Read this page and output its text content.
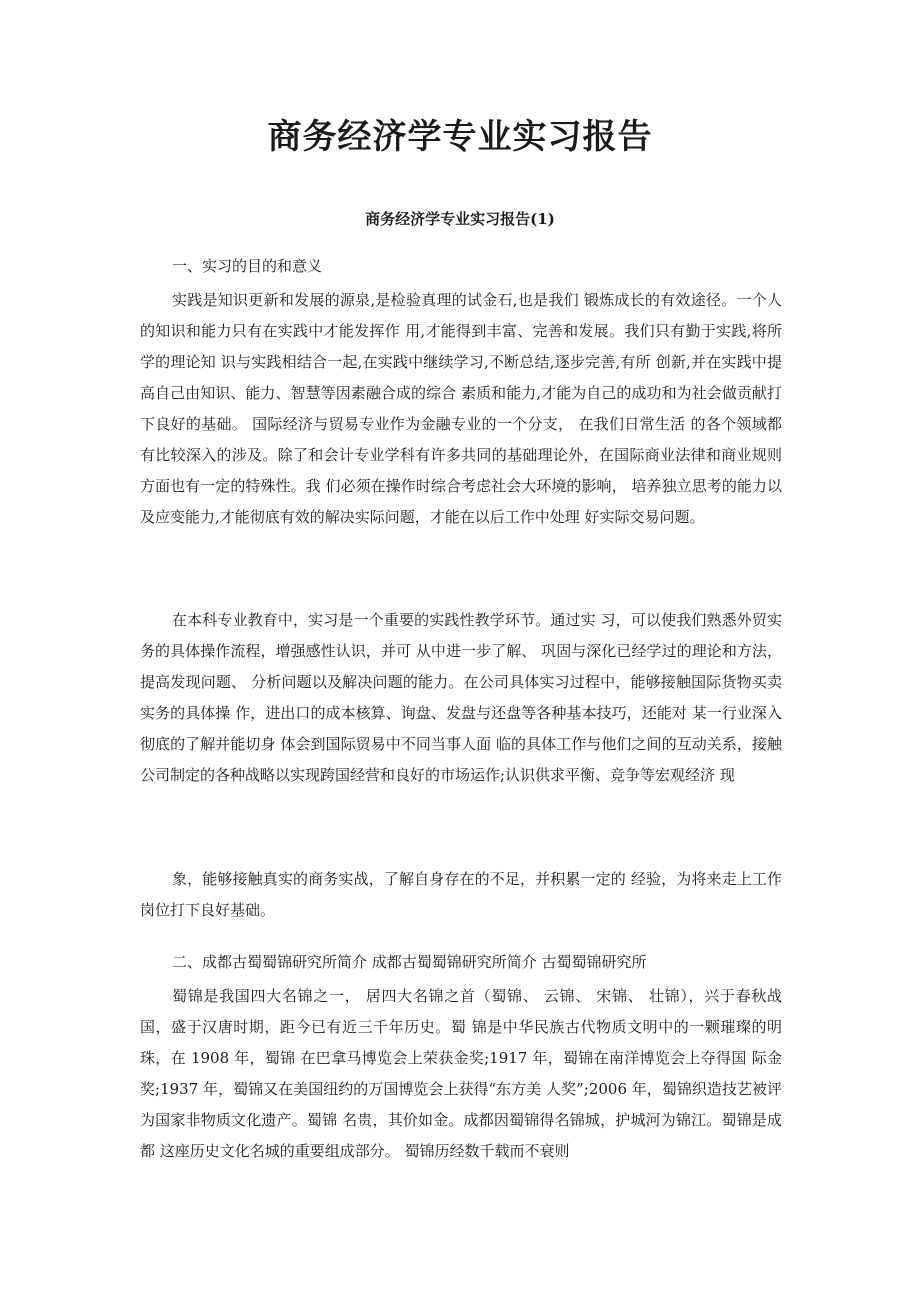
商务经济学专业实习报告
商务经济学专业实习报告(1)
一、实习的目的和意义

实践是知识更新和发展的源泉,是检验真理的试金石,也是我们 锻炼成长的有效途径。一个人的知识和能力只有在实践中才能发挥作 用,才能得到丰富、完善和发展。我们只有勤于实践,将所学的理论知 识与实践相结合一起,在实践中继续学习,不断总结,逐步完善,有所 创新,并在实践中提高自己由知识、能力、智慧等因素融合成的综合 素质和能力,才能为自己的成功和为社会做贡献打下良好的基础。 国际经济与贸易专业作为金融专业的一个分支， 在我们日常生活 的各个领域都有比较深入的涉及。除了和会计专业学科有许多共同的基础理论外，在国际商业法律和商业规则方面也有一定的特殊性。我 们必须在操作时综合考虑社会大环境的影响， 培养独立思考的能力以 及应变能力,才能彻底有效的解决实际问题，才能在以后工作中处理 好实际交易问题。

在本科专业教育中，实习是一个重要的实践性教学环节。通过实 习，可以使我们熟悉外贸实务的具体操作流程，增强感性认识，并可 从中进一步了解、 巩固与深化已经学过的理论和方法， 提高发现问题、 分析问题以及解决问题的能力。在公司具体实习过程中，能够接触国际货物买卖实务的具体操 作，进出口的成本核算、询盘、发盘与还盘等各种基本技巧，还能对 某一行业深入彻底的了解并能切身 体会到国际贸易中不同当事人面 临的具体工作与他们之间的互动关系，接触公司制定的各种战略以实现跨国经营和良好的市场运作;认识供求平衡、竞争等宏观经济 现

象，能够接触真实的商务实战，了解自身存在的不足，并积累一定的 经验，为将来走上工作岗位打下良好基础。

二、成都古蜀蜀锦研究所简介 成都古蜀蜀锦研究所简介 古蜀蜀锦研究所

蜀锦是我国四大名锦之一， 居四大名锦之首（蜀锦、 云锦、 宋锦、 壮锦），兴于春秋战国，盛于汉唐时期，距今已有近三千年历史。蜀 锦是中华民族古代物质文明中的一颗璀璨的明珠，在 1908 年，蜀锦 在巴拿马博览会上荣获金奖;1917 年，蜀锦在南洋博览会上夺得国 际金奖;1937 年，蜀锦又在美国纽约的万国博览会上获得“东方美 人奖”;2006 年，蜀锦织造技艺被评为国家非物质文化遗产。蜀锦 名贵，其价如金。成都因蜀锦得名锦城，护城河为锦江。蜀锦是成都 这座历史文化名城的重要组成部分。 蜀锦历经数千载而不衰则
